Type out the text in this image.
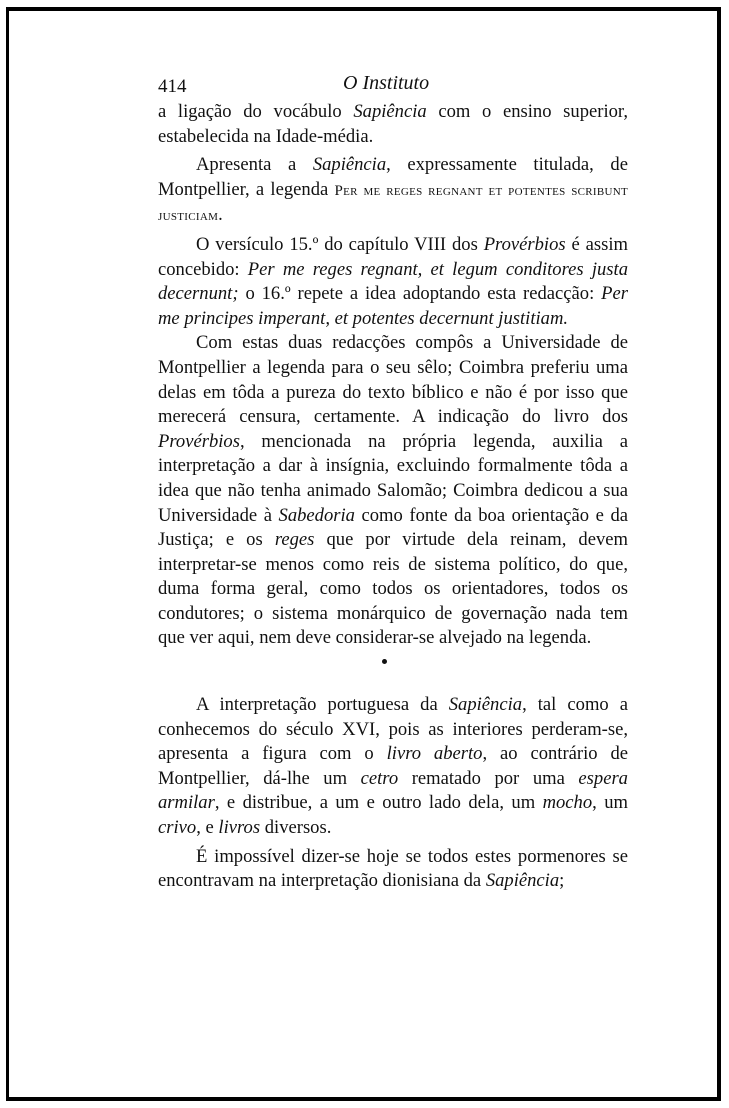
414	O Instituto

a ligação do vocábulo Sapiência com o ensino superior, estabelecida na Idade-média.

Apresenta a Sapiência, expressamente titulada, de Montpellier, a legenda Per me reges regnant et potentes scribunt justiciam.

O versículo 15.º do capítulo VIII dos Provérbios é assim concebido: Per me reges regnant, et legum conditores justa decernunt; o 16.º repete a idea adoptando esta redacção: Per me principes imperant, et potentes decernunt justitiam.

Com estas duas redacções compôs a Universidade de Montpellier a legenda para o seu sêlo; Coimbra preferiu uma delas em tôda a pureza do texto bíblico e não é por isso que merecerá censura, certamente. A indicação do livro dos Provérbios, mencionada na própria legenda, auxilia a interpretação a dar à insígnia, excluindo formalmente tôda a idea que não tenha animado Salomão; Coimbra dedicou a sua Universidade à Sabedoria como fonte da boa orientação e da Justiça; e os reges que por virtude dela reinam, devem interpretar-se menos como reis de sistema político, do que, duma forma geral, como todos os orientadores, todos os condutores; o sistema monárquico de governação nada tem que ver aqui, nem deve considerar-se alvejado na legenda.

A interpretação portuguesa da Sapiência, tal como a conhecemos do século XVI, pois as interiores perderam-se, apresenta a figura com o livro aberto, ao contrário de Montpellier, dá-lhe um cetro rematado por uma espera armilar, e distribue, a um e outro lado dela, um mocho, um crivo, e livros diversos.

É impossível dizer-se hoje se todos estes pormenores se encontravam na interpretação dionisiana da Sapiência;
